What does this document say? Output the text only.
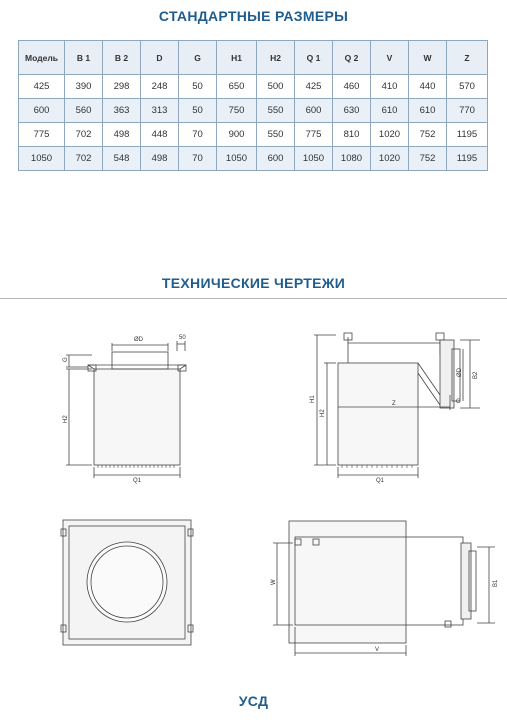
СТАНДАРТНЫЕ РАЗМЕРЫ
Модель	B 1	B 2	D	G	H1	H2	Q 1	Q 2	V	W	Z
425	390	298	248	50	650	500	425	460	410	440	570
600	560	363	313	50	750	550	600	630	610	610	770
775	702	498	448	70	900	550	775	810	1020	752	1195
1050	702	548	498	70	1050	600	1050	1080	1020	752	1195
ТЕХНИЧЕСКИЕ ЧЕРТЕЖИ
ØD	50
G
H2
Q1
H1
H2
Z
ØD B2
G
Q1
W
V
B1
УСД
